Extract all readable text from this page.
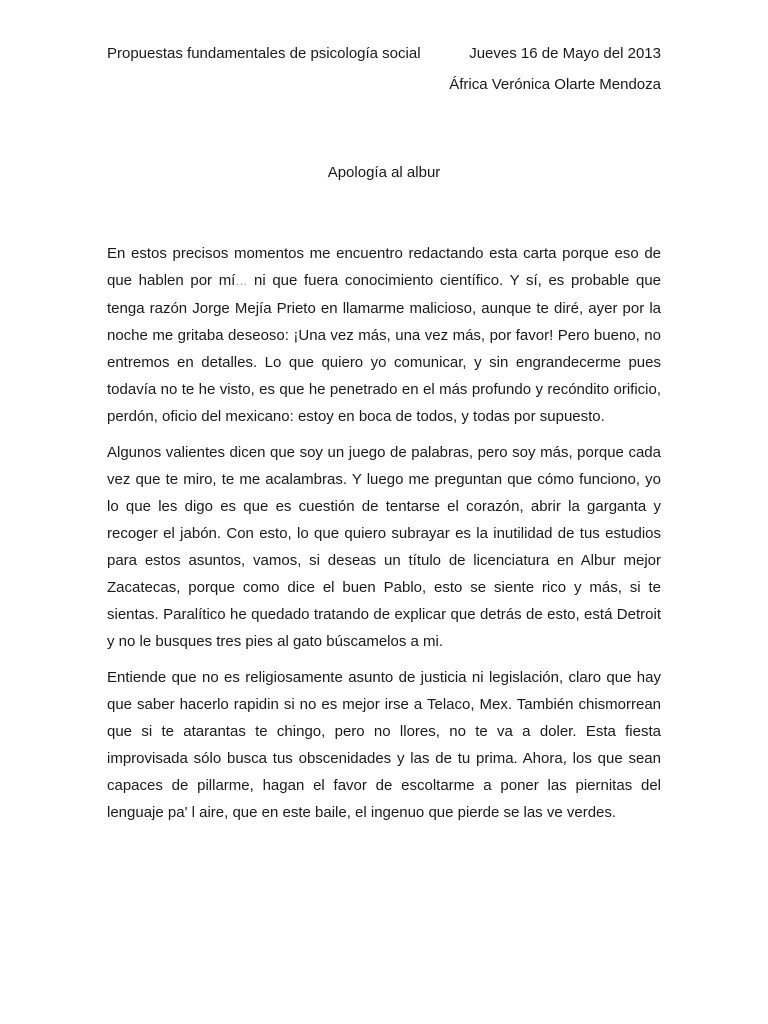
Propuestas fundamentales de psicología social	Jueves 16 de Mayo del 2013
África Verónica Olarte Mendoza
Apología al albur

En estos precisos momentos me encuentro redactando esta carta porque eso de que hablen por mí… ni que fuera conocimiento científico. Y sí, es probable que tenga razón Jorge Mejía Prieto en llamarme malicioso, aunque te diré, ayer por la noche me gritaba deseoso: ¡Una vez más, una vez más, por favor! Pero bueno, no entremos en detalles. Lo que quiero yo comunicar, y sin engrandecerme pues todavía no te he visto, es que he penetrado en el más profundo y recóndito orificio, perdón, oficio del mexicano: estoy en boca de todos, y todas por supuesto.

Algunos valientes dicen que soy un juego de palabras, pero soy más, porque cada vez que te miro, te me acalambras. Y luego me preguntan que cómo funciono, yo lo que les digo es que es cuestión de tentarse el corazón, abrir la garganta y recoger el jabón. Con esto, lo que quiero subrayar es la inutilidad de tus estudios para estos asuntos, vamos, si deseas un título de licenciatura en Albur mejor Zacatecas, porque como dice el buen Pablo, esto se siente rico y más, si te sientas. Paralítico he quedado tratando de explicar que detrás de esto, está Detroit y no le busques tres pies al gato búscamelos a mi.

Entiende que no es religiosamente asunto de justicia ni legislación, claro que hay que saber hacerlo rapidin si no es mejor irse a Telaco, Mex. También chismorrean que si te atarantas te chingo, pero no llores, no te va a doler. Esta fiesta improvisada sólo busca tus obscenidades y las de tu prima. Ahora, los que sean capaces de pillarme, hagan el favor de escoltarme a poner las piernitas del lenguaje pa' l aire, que en este baile, el ingenuo que pierde se las ve verdes.
